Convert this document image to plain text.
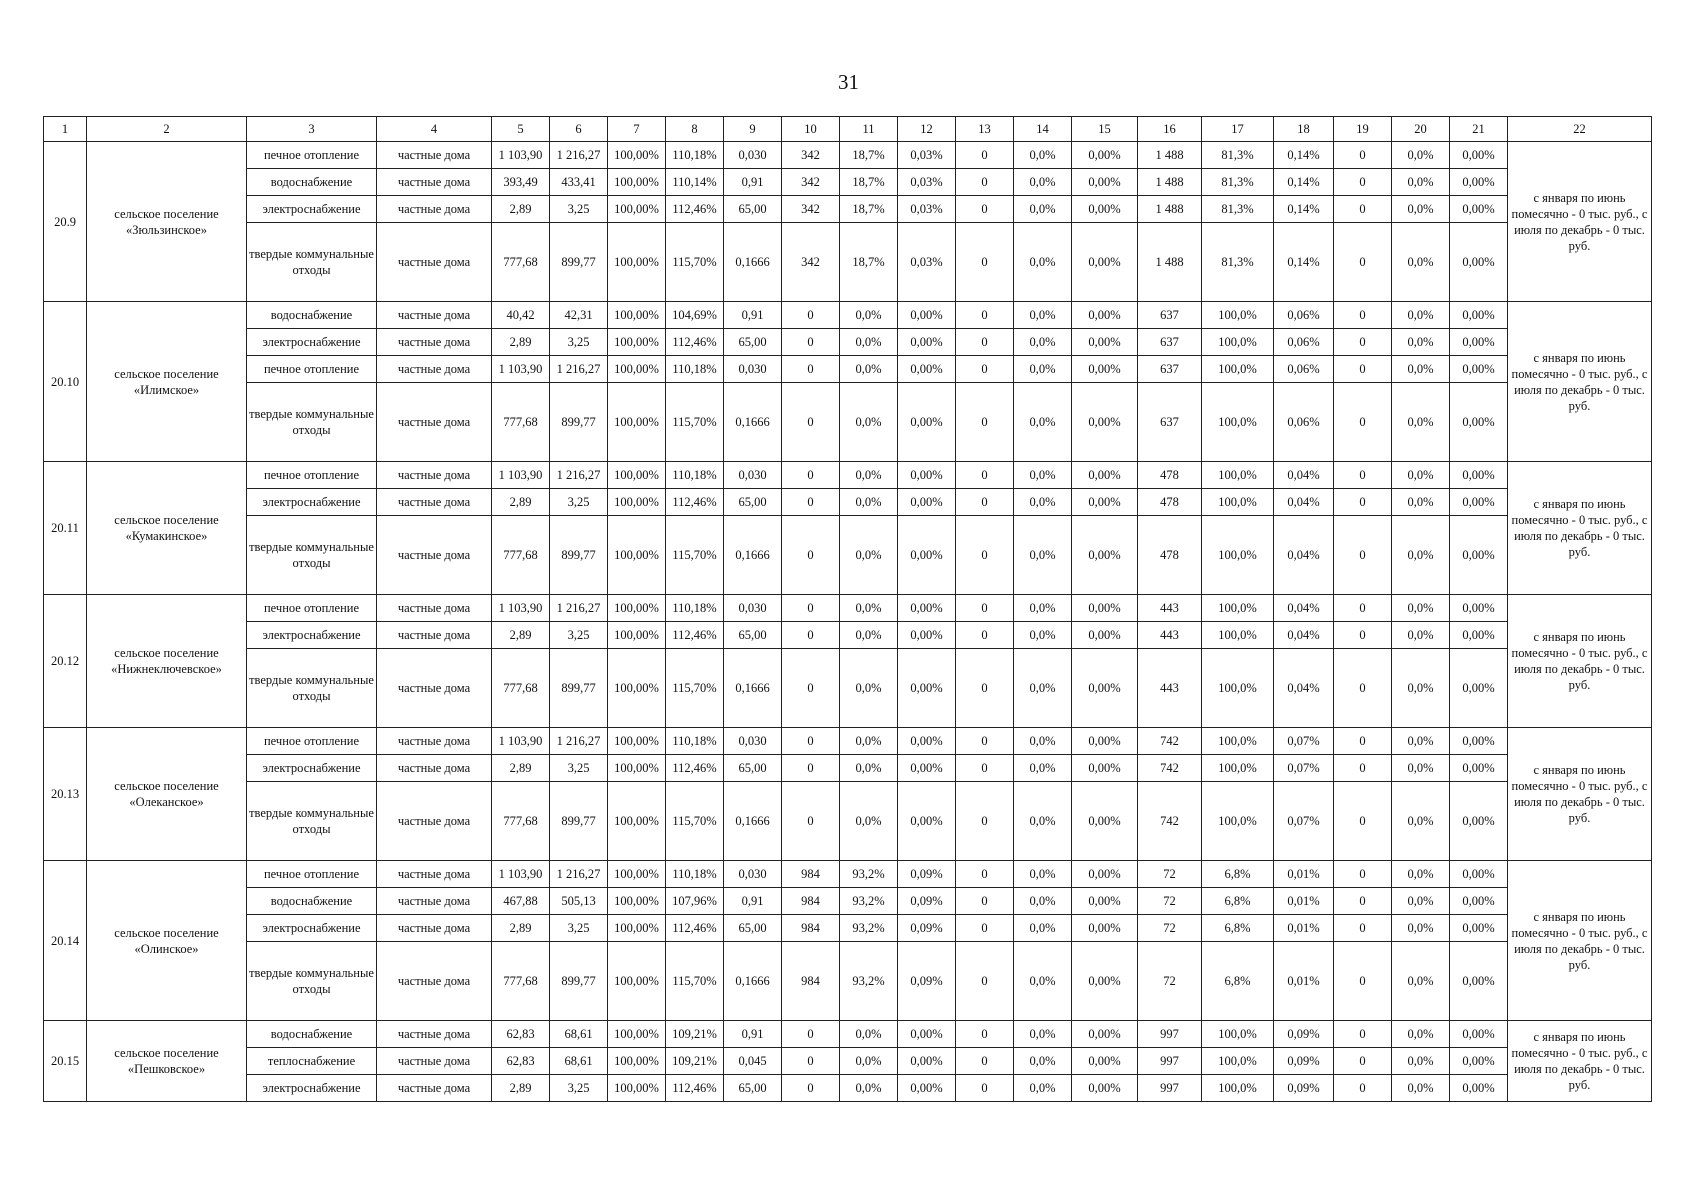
31
1	2	3	4	5	6	7	8	9	10	11	12	13	14	15	16	17	18	19	20	21	22
20.9	сельское поселение «Зюльзинское»	печное отопление	частные дома	1 103,90	1 216,27	100,00%	110,18%	0,030	342	18,7%	0,03%	0	0,0%	0,00%	1 488	81,3%	0,14%	0	0,0%	0,00%	с января по июнь помесячно - 0 тыс. руб., с июля по декабрь - 0 тыс. руб.
		водоснабжение	частные дома	393,49	433,41	100,00%	110,14%	0,91	342	18,7%	0,03%	0	0,0%	0,00%	1 488	81,3%	0,14%	0	0,0%	0,00%	
		электроснабжение	частные дома	2,89	3,25	100,00%	112,46%	65,00	342	18,7%	0,03%	0	0,0%	0,00%	1 488	81,3%	0,14%	0	0,0%	0,00%	
		твердые коммунальные отходы	частные дома	777,68	899,77	100,00%	115,70%	0,1666	342	18,7%	0,03%	0	0,0%	0,00%	1 488	81,3%	0,14%	0	0,0%	0,00%	
20.10	сельское поселение «Илимское»	водоснабжение	частные дома	40,42	42,31	100,00%	104,69%	0,91	0	0,0%	0,00%	0	0,0%	0,00%	637	100,0%	0,06%	0	0,0%	0,00%	с января по июнь помесячно - 0 тыс. руб., с июля по декабрь - 0 тыс. руб.
		электроснабжение	частные дома	2,89	3,25	100,00%	112,46%	65,00	0	0,0%	0,00%	0	0,0%	0,00%	637	100,0%	0,06%	0	0,0%	0,00%	
		печное отопление	частные дома	1 103,90	1 216,27	100,00%	110,18%	0,030	0	0,0%	0,00%	0	0,0%	0,00%	637	100,0%	0,06%	0	0,0%	0,00%	
		твердые коммунальные отходы	частные дома	777,68	899,77	100,00%	115,70%	0,1666	0	0,0%	0,00%	0	0,0%	0,00%	637	100,0%	0,06%	0	0,0%	0,00%	
20.11	сельское поселение «Кумакинское»	печное отопление	частные дома	1 103,90	1 216,27	100,00%	110,18%	0,030	0	0,0%	0,00%	0	0,0%	0,00%	478	100,0%	0,04%	0	0,0%	0,00%	с января по июнь помесячно - 0 тыс. руб., с июля по декабрь - 0 тыс. руб.
		электроснабжение	частные дома	2,89	3,25	100,00%	112,46%	65,00	0	0,0%	0,00%	0	0,0%	0,00%	478	100,0%	0,04%	0	0,0%	0,00%	
		твердые коммунальные отходы	частные дома	777,68	899,77	100,00%	115,70%	0,1666	0	0,0%	0,00%	0	0,0%	0,00%	478	100,0%	0,04%	0	0,0%	0,00%	
20.12	сельское поселение «Нижнеключевское»	печное отопление	частные дома	1 103,90	1 216,27	100,00%	110,18%	0,030	0	0,0%	0,00%	0	0,0%	0,00%	443	100,0%	0,04%	0	0,0%	0,00%	с января по июнь помесячно - 0 тыс. руб., с июля по декабрь - 0 тыс. руб.
		электроснабжение	частные дома	2,89	3,25	100,00%	112,46%	65,00	0	0,0%	0,00%	0	0,0%	0,00%	443	100,0%	0,04%	0	0,0%	0,00%	
		твердые коммунальные отходы	частные дома	777,68	899,77	100,00%	115,70%	0,1666	0	0,0%	0,00%	0	0,0%	0,00%	443	100,0%	0,04%	0	0,0%	0,00%	
20.13	сельское поселение «Олеканское»	печное отопление	частные дома	1 103,90	1 216,27	100,00%	110,18%	0,030	0	0,0%	0,00%	0	0,0%	0,00%	742	100,0%	0,07%	0	0,0%	0,00%	с января по июнь помесячно - 0 тыс. руб., с июля по декабрь - 0 тыс. руб.
		электроснабжение	частные дома	2,89	3,25	100,00%	112,46%	65,00	0	0,0%	0,00%	0	0,0%	0,00%	742	100,0%	0,07%	0	0,0%	0,00%	
		твердые коммунальные отходы	частные дома	777,68	899,77	100,00%	115,70%	0,1666	0	0,0%	0,00%	0	0,0%	0,00%	742	100,0%	0,07%	0	0,0%	0,00%	
20.14	сельское поселение «Олинское»	печное отопление	частные дома	1 103,90	1 216,27	100,00%	110,18%	0,030	984	93,2%	0,09%	0	0,0%	0,00%	72	6,8%	0,01%	0	0,0%	0,00%	с января по июнь помесячно - 0 тыс. руб., с июля по декабрь - 0 тыс. руб.
		водоснабжение	частные дома	467,88	505,13	100,00%	107,96%	0,91	984	93,2%	0,09%	0	0,0%	0,00%	72	6,8%	0,01%	0	0,0%	0,00%	
		электроснабжение	частные дома	2,89	3,25	100,00%	112,46%	65,00	984	93,2%	0,09%	0	0,0%	0,00%	72	6,8%	0,01%	0	0,0%	0,00%	
		твердые коммунальные отходы	частные дома	777,68	899,77	100,00%	115,70%	0,1666	984	93,2%	0,09%	0	0,0%	0,00%	72	6,8%	0,01%	0	0,0%	0,00%	
20.15	сельское поселение «Пешковское»	водоснабжение	частные дома	62,83	68,61	100,00%	109,21%	0,91	0	0,0%	0,00%	0	0,0%	0,00%	997	100,0%	0,09%	0	0,0%	0,00%	с января по июнь помесячно - 0 тыс. руб., с июля по декабрь - 0 тыс. руб.
		теплоснабжение	частные дома	62,83	68,61	100,00%	109,21%	0,045	0	0,0%	0,00%	0	0,0%	0,00%	997	100,0%	0,09%	0	0,0%	0,00%	
		электроснабжение	частные дома	2,89	3,25	100,00%	112,46%	65,00	0	0,0%	0,00%	0	0,0%	0,00%	997	100,0%	0,09%	0	0,0%	0,00%	
